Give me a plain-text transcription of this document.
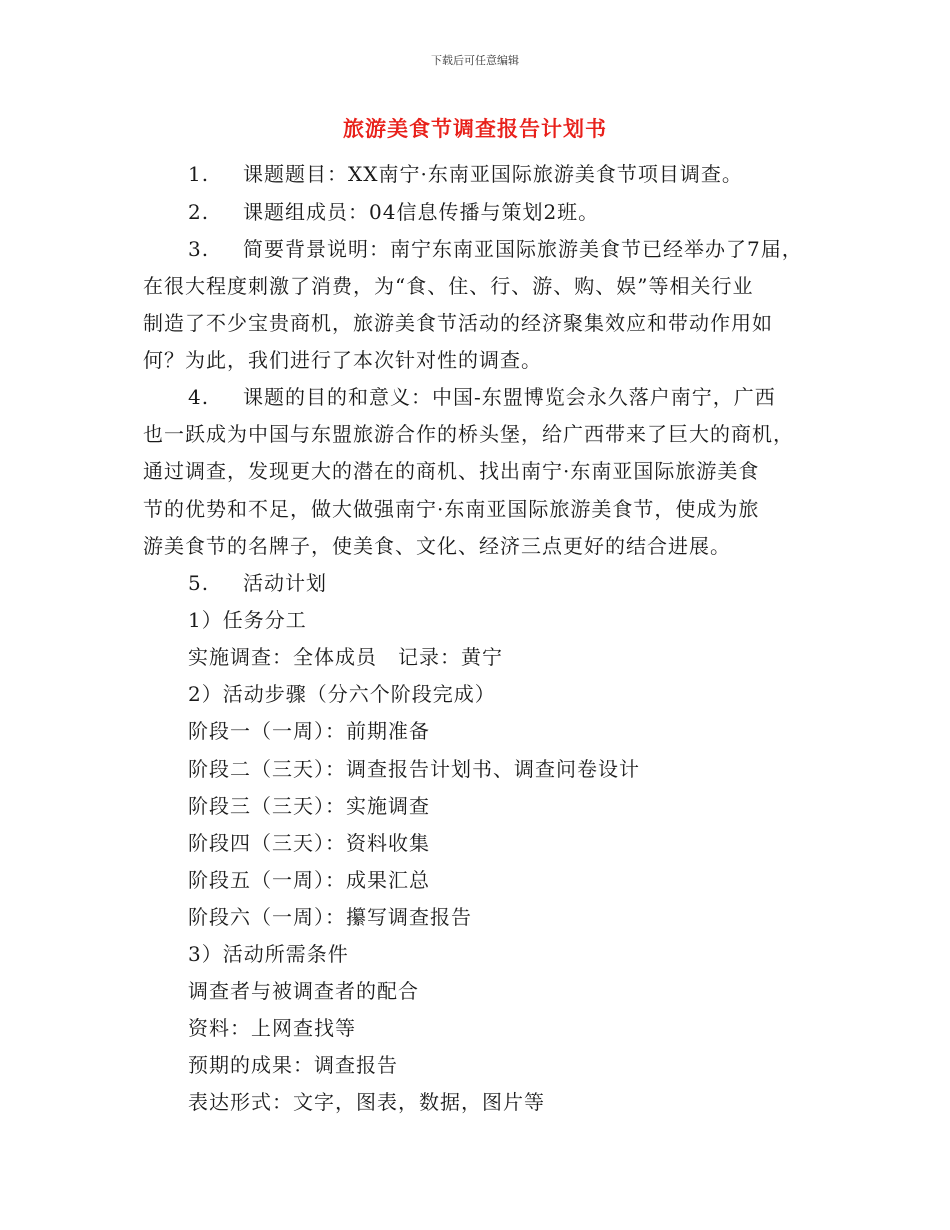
下载后可任意编辑
旅游美食节调查报告计划书
1. 课题题目：XX南宁·东南亚国际旅游美食节项目调查。
2. 课题组成员：04信息传播与策划2班。
3. 简要背景说明：南宁东南亚国际旅游美食节已经举办了7届，
在很大程度刺激了消费，为“食、住、行、游、购、娱”等相关行业
制造了不少宝贵商机，旅游美食节活动的经济聚集效应和带动作用如
何？为此，我们进行了本次针对性的调查。
4. 课题的目的和意义：中国-东盟博览会永久落户南宁，广西
也一跃成为中国与东盟旅游合作的桥头堡，给广西带来了巨大的商机，
通过调查，发现更大的潜在的商机、找出南宁·东南亚国际旅游美食
节的优势和不足，做大做强南宁·东南亚国际旅游美食节，使成为旅
游美食节的名牌子，使美食、文化、经济三点更好的结合进展。
5. 活动计划
1）任务分工
实施调查：全体成员　记录：黄宁
2）活动步骤（分六个阶段完成）
阶段一（一周）：前期准备
阶段二（三天）：调查报告计划书、调查问卷设计
阶段三（三天）：实施调查
阶段四（三天）：资料收集
阶段五（一周）：成果汇总
阶段六（一周）：攥写调查报告
3）活动所需条件
调查者与被调查者的配合
资料：上网查找等
预期的成果：调查报告
表达形式：文字，图表，数据，图片等
